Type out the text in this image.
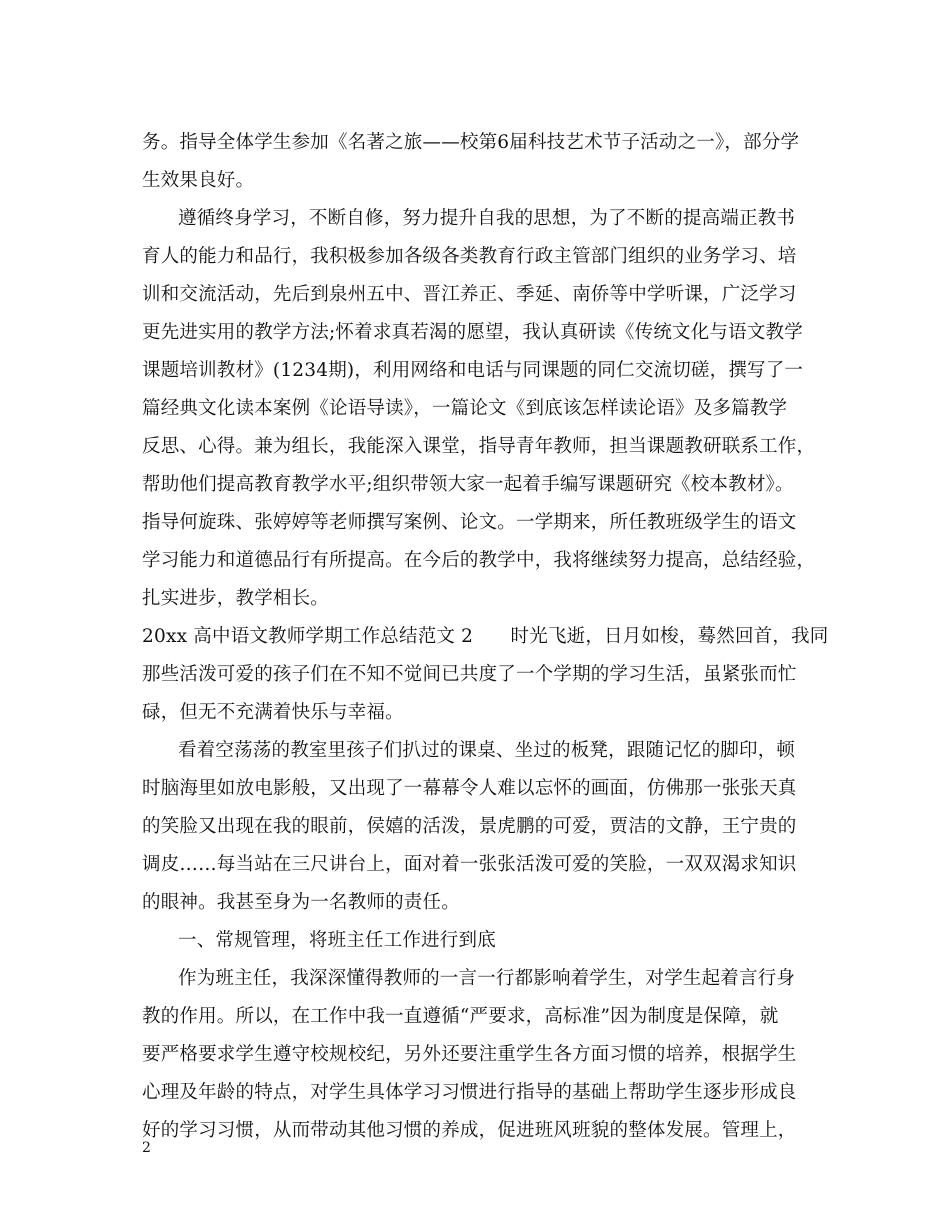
务。指导全体学生参加《名著之旅——校第6届科技艺术节子活动之一》，部分学
生效果良好。
遵循终身学习，不断自修，努力提升自我的思想，为了不断的提高端正教书
育人的能力和品行，我积极参加各级各类教育行政主管部门组织的业务学习、培
训和交流活动，先后到泉州五中、晋江养正、季延、南侨等中学听课，广泛学习
更先进实用的教学方法;怀着求真若渴的愿望，我认真研读《传统文化与语文教学
课题培训教材》(1234期)，利用网络和电话与同课题的同仁交流切磋，撰写了一
篇经典文化读本案例《论语导读》，一篇论文《到底该怎样读论语》及多篇教学
反思、心得。兼为组长，我能深入课堂，指导青年教师，担当课题教研联系工作，
帮助他们提高教育教学水平;组织带领大家一起着手编写课题研究《校本教材》。
指导何旋珠、张婷婷等老师撰写案例、论文。一学期来，所任教班级学生的语文
学习能力和道德品行有所提高。在今后的教学中，我将继续努力提高，总结经验，
扎实进步，教学相长。
20xx 高中语文教师学期工作总结范文 2　　时光飞逝，日月如梭，蓦然回首，我同
那些活泼可爱的孩子们在不知不觉间已共度了一个学期的学习生活，虽紧张而忙
碌，但无不充满着快乐与幸福。
看着空荡荡的教室里孩子们扒过的课桌、坐过的板凳，跟随记忆的脚印，顿
时脑海里如放电影般，又出现了一幕幕令人难以忘怀的画面，仿佛那一张张天真
的笑脸又出现在我的眼前，侯嬉的活泼，景虎鹏的可爱，贾洁的文静，王宁贵的
调皮……每当站在三尺讲台上，面对着一张张活泼可爱的笑脸，一双双渴求知识
的眼神。我甚至身为一名教师的责任。
一、常规管理，将班主任工作进行到底
作为班主任，我深深懂得教师的一言一行都影响着学生，对学生起着言行身
教的作用。所以，在工作中我一直遵循“严要求，高标准”因为制度是保障，就
要严格要求学生遵守校规校纪，另外还要注重学生各方面习惯的培养，根据学生
心理及年龄的特点，对学生具体学习习惯进行指导的基础上帮助学生逐步形成良
好的学习习惯，从而带动其他习惯的养成，促进班风班貌的整体发展。管理上，
2
